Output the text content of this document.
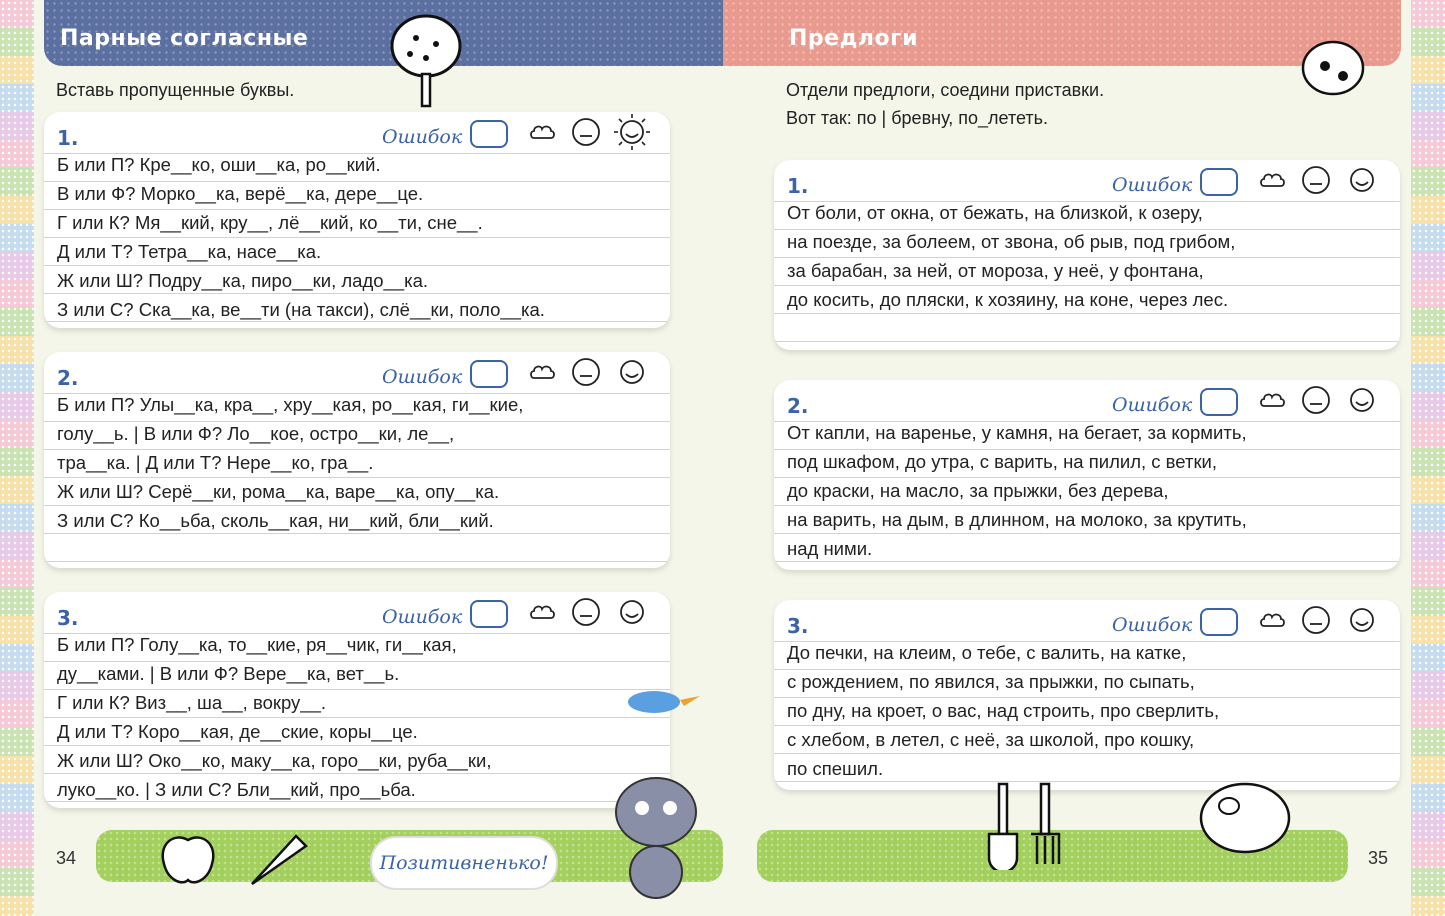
Парные согласные
Вставь пропущенные буквы.
1.	Ошибок
Б или П? Кре__ко, оши__ка, ро__кий.
В или Ф? Морко__ка, верё__ка, дере__це.
Г или К? Мя__кий, кру__, лё__кий, ко__ти, сне__.
Д или Т? Тетра__ка, насе__ка.
Ж или Ш? Подру__ка, пиро__ки, ладо__ка.
З или С? Ска__ка, ве__ти (на такси), слё__ки, поло__ка.
2.	Ошибок
Б или П? Улы__ка, кра__, хру__кая, ро__кая, ги__кие,
голу__ь. | В или Ф? Ло__кое, остро__ки, ле__,
тра__ка. | Д или Т? Нере__ко, гра__.
Ж или Ш? Серё__ки, рома__ка, варе__ка, опу__ка.
З или С? Ко__ьба, сколь__кая, ни__кий, бли__кий.
3.	Ошибок
Б или П? Голу__ка, то__кие, ря__чик, ги__кая,
ду__ками. | В или Ф? Вере__ка, вет__ь.
Г или К? Виз__, ша__, вокру__.
Д или Т? Коро__кая, де__ские, коры__це.
Ж или Ш? Око__ко, маку__ка, горо__ки, руба__ки,
луко__ко. | З или С? Бли__кий, про__ьба.
34	Позитивненько!
Предлоги
Отдели предлоги, соедини приставки.
Вот так: по | бревну, по_лететь.
1.	Ошибок
От боли, от окна, от бежать, на близкой, к озеру,
на поезде, за болеем, от звона, об рыв, под грибом,
за барабан, за ней, от мороза, у неё, у фонтана,
до косить, до пляски, к хозяину, на коне, через лес.
2.	Ошибок
От капли, на варенье, у камня, на бегает, за кормить,
под шкафом, до утра, с варить, на пилил, с ветки,
до краски, на масло, за прыжки, без дерева,
на варить, на дым, в длинном, на молоко, за крутить,
над ними.
3.	Ошибок
До печки, на клеим, о тебе, с валить, на катке,
с рождением, по явился, за прыжки, по сыпать,
по дну, на кроет, о вас, над строить, про сверлить,
с хлебом, в летел, с неё, за школой, про кошку,
по спешил.
35
